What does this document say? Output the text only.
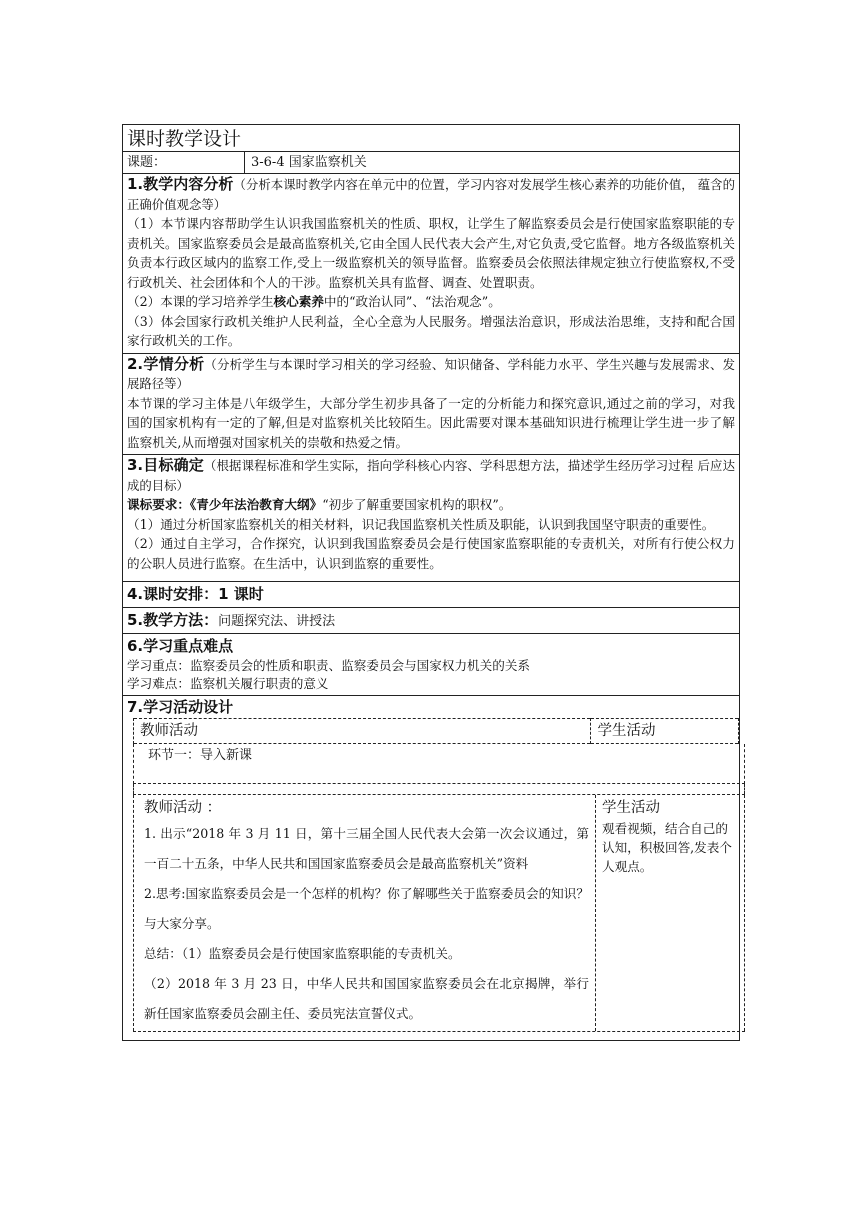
课时教学设计
课题：	3-6-4 国家监察机关
1.教学内容分析（分析本课时教学内容在单元中的位置，学习内容对发展学生核心素养的功能价值， 蕴含的正确价值观念等）
（1）本节课内容帮助学生认识我国监察机关的性质、职权，让学生了解监察委员会是行使国家监察职能的专责机关。国家监察委员会是最高监察机关,它由全国人民代表大会产生,对它负责,受它监督。地方各级监察机关负责本行政区域内的监察工作,受上一级监察机关的领导监督。监察委员会依照法律规定独立行使监察权,不受行政机关、社会团体和个人的干涉。监察机关具有监督、调查、处置职责。
（2）本课的学习培养学生核心素养中的“政治认同”、“法治观念”。
（3）体会国家行政机关维护人民利益，全心全意为人民服务。增强法治意识，形成法治思维，支持和配合国家行政机关的工作。
2.学情分析（分析学生与本课时学习相关的学习经验、知识储备、学科能力水平、学生兴趣与发展需求、发展路径等）
本节课的学习主体是八年级学生，大部分学生初步具备了一定的分析能力和探究意识,通过之前的学习，对我国的国家机构有一定的了解,但是对监察机关比较陌生。因此需要对课本基础知识进行梳理让学生进一步了解监察机关,从而增强对国家机关的崇敬和热爱之情。
3.目标确定（根据课程标准和学生实际，指向学科核心内容、学科思想方法，描述学生经历学习过程 后应达成的目标）
课标要求：《青少年法治教育大纲》“初步了解重要国家机构的职权”。
（1）通过分析国家监察机关的相关材料，识记我国监察机关性质及职能，认识到我国坚守职责的重要性。
（2）通过自主学习，合作探究，认识到我国监察委员会是行使国家监察职能的专责机关，对所有行使公权力的公职人员进行监察。在生活中，认识到监察的重要性。
4.课时安排：1 课时
5.教学方法：问题探究法、讲授法
6.学习重点难点
学习重点：监察委员会的性质和职责、监察委员会与国家权力机关的关系
学习难点：监察机关履行职责的意义
7.学习活动设计
教师活动	学生活动
环节一：导入新课
教师活动 ：
1. 出示“2018 年 3 月 11 日，第十三届全国人民代表大会第一次会议通过，第一百二十五条，中华人民共和国国家监察委员会是最高监察机关”资料
2.思考:国家监察委员会是一个怎样的机构？你了解哪些关于监察委员会的知识？与大家分享。
总结：（1）监察委员会是行使国家监察职能的专责机关。
（2）2018 年 3 月 23 日，中华人民共和国国家监察委员会在北京揭牌，举行新任国家监察委员会副主任、委员宪法宣誓仪式。
学生活动
观看视频，结合自己的认知，积极回答,发表个人观点。
